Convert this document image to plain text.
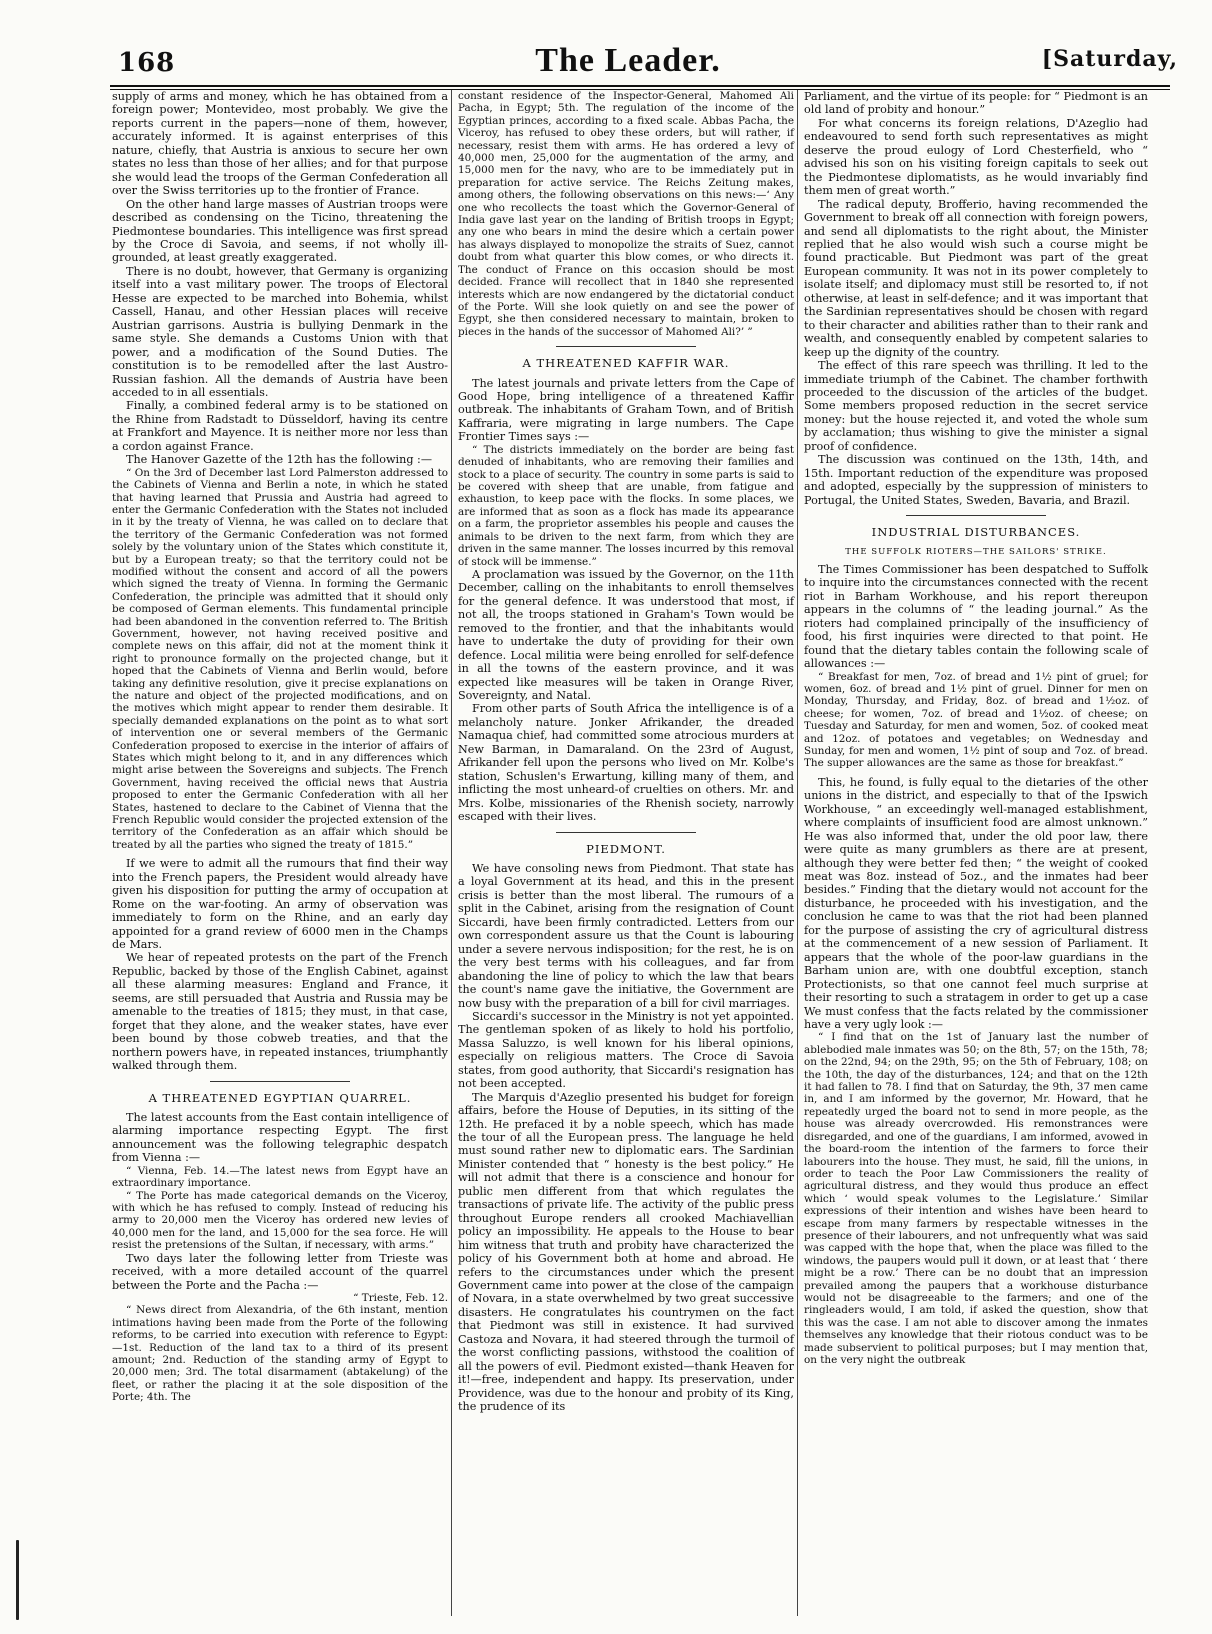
168	The Leader.	[Saturday,

supply of arms and money, which he has obtained from a foreign power; Montevideo, most probably. We give the reports current in the papers—none of them, however, accurately informed. It is against enterprises of this nature, chiefly, that Austria is anxious to secure her own states no less than those of her allies; and for that purpose she would lead the troops of the German Confederation all over the Swiss territories up to the frontier of France.

On the other hand large masses of Austrian troops were described as condensing on the Ticino, threatening the Piedmontese boundaries. This intelligence was first spread by the Croce di Savoia, and seems, if not wholly ill-grounded, at least greatly exaggerated.

There is no doubt, however, that Germany is organizing itself into a vast military power. The troops of Electoral Hesse are expected to be marched into Bohemia, whilst Cassell, Hanau, and other Hessian places will receive Austrian garrisons. Austria is bullying Denmark in the same style. She demands a Customs Union with that power, and a modification of the Sound Duties. The constitution is to be remodelled after the last Austro-Russian fashion. All the demands of Austria have been acceded to in all essentials.

Finally, a combined federal army is to be stationed on the Rhine from Radstadt to Düsseldorf, having its centre at Frankfort and Mayence. It is neither more nor less than a cordon against France.

The Hanover Gazette of the 12th has the following :—

“ On the 3rd of December last Lord Palmerston addressed to the Cabinets of Vienna and Berlin a note, in which he stated that having learned that Prussia and Austria had agreed to enter the Germanic Confederation with the States not included in it by the treaty of Vienna, he was called on to declare that the territory of the Germanic Confederation was not formed solely by the voluntary union of the States which constitute it, but by a European treaty; so that the territory could not be modified without the consent and accord of all the powers which signed the treaty of Vienna. In forming the Germanic Confederation, the principle was admitted that it should only be composed of German elements. This fundamental principle had been abandoned in the convention referred to. The British Government, however, not having received positive and complete news on this affair, did not at the moment think it right to pronounce formally on the projected change, but it hoped that the Cabinets of Vienna and Berlin would, before taking any definitive resolution, give it precise explanations on the nature and object of the projected modifications, and on the motives which might appear to render them desirable. It specially demanded explanations on the point as to what sort of intervention one or several members of the Germanic Confederation proposed to exercise in the interior of affairs of States which might belong to it, and in any differences which might arise between the Sovereigns and subjects. The French Government, having received the official news that Austria proposed to enter the Germanic Confederation with all her States, hastened to declare to the Cabinet of Vienna that the French Republic would consider the projected extension of the territory of the Confederation as an affair which should be treated by all the parties who signed the treaty of 1815.”

If we were to admit all the rumours that find their way into the French papers, the President would already have given his disposition for putting the army of occupation at Rome on the war-footing. An army of observation was immediately to form on the Rhine, and an early day appointed for a grand review of 6000 men in the Champs de Mars.

We hear of repeated protests on the part of the French Republic, backed by those of the English Cabinet, against all these alarming measures: England and France, it seems, are still persuaded that Austria and Russia may be amenable to the treaties of 1815; they must, in that case, forget that they alone, and the weaker states, have ever been bound by those cobweb treaties, and that the northern powers have, in repeated instances, triumphantly walked through them.

A THREATENED EGYPTIAN QUARREL.

The latest accounts from the East contain intelligence of alarming importance respecting Egypt. The first announcement was the following telegraphic despatch from Vienna :—

“ Vienna, Feb. 14.—The latest news from Egypt have an extraordinary importance.

“ The Porte has made categorical demands on the Viceroy, with which he has refused to comply. Instead of reducing his army to 20,000 men the Viceroy has ordered new levies of 40,000 men for the land, and 15,000 for the sea force. He will resist the pretensions of the Sultan, if necessary, with arms.”

Two days later the following letter from Trieste was received, with a more detailed account of the quarrel between the Porte and the Pacha :—

“ Trieste, Feb. 12.

“ News direct from Alexandria, of the 6th instant, mention intimations having been made from the Porte of the following reforms, to be carried into execution with reference to Egypt:—1st. Reduction of the land tax to a third of its present amount; 2nd. Reduction of the standing army of Egypt to 20,000 men; 3rd. The total disarmament (abtakelung) of the fleet, or rather the placing it at the sole disposition of the Porte; 4th. The

constant residence of the Inspector-General, Mahomed Ali Pacha, in Egypt; 5th. The regulation of the income of the Egyptian princes, according to a fixed scale. Abbas Pacha, the Viceroy, has refused to obey these orders, but will rather, if necessary, resist them with arms. He has ordered a levy of 40,000 men, 25,000 for the augmentation of the army, and 15,000 men for the navy, who are to be immediately put in preparation for active service. The Reichs Zeitung makes, among others, the following observations on this news:—‘ Any one who recollects the toast which the Governor-General of India gave last year on the landing of British troops in Egypt; any one who bears in mind the desire which a certain power has always displayed to monopolize the straits of Suez, cannot doubt from what quarter this blow comes, or who directs it. The conduct of France on this occasion should be most decided. France will recollect that in 1840 she represented interests which are now endangered by the dictatorial conduct of the Porte. Will she look quietly on and see the power of Egypt, she then considered necessary to maintain, broken to pieces in the hands of the successor of Mahomed Ali?’ ”

A THREATENED KAFFIR WAR.

The latest journals and private letters from the Cape of Good Hope, bring intelligence of a threatened Kaffir outbreak. The inhabitants of Graham Town, and of British Kaffraria, were migrating in large numbers. The Cape Frontier Times says :—

“ The districts immediately on the border are being fast denuded of inhabitants, who are removing their families and stock to a place of security. The country in some parts is said to be covered with sheep that are unable, from fatigue and exhaustion, to keep pace with the flocks. In some places, we are informed that as soon as a flock has made its appearance on a farm, the proprietor assembles his people and causes the animals to be driven to the next farm, from which they are driven in the same manner. The losses incurred by this removal of stock will be immense.”

A proclamation was issued by the Governor, on the 11th December, calling on the inhabitants to enroll themselves for the general defence. It was understood that most, if not all, the troops stationed in Graham's Town would be removed to the frontier, and that the inhabitants would have to undertake the duty of providing for their own defence. Local militia were being enrolled for self-defence in all the towns of the eastern province, and it was expected like measures will be taken in Orange River, Sovereignty, and Natal.

From other parts of South Africa the intelligence is of a melancholy nature. Jonker Afrikander, the dreaded Namaqua chief, had committed some atrocious murders at New Barman, in Damaraland. On the 23rd of August, Afrikander fell upon the persons who lived on Mr. Kolbe's station, Schuslen's Erwartung, killing many of them, and inflicting the most unheard-of cruelties on others. Mr. and Mrs. Kolbe, missionaries of the Rhenish society, narrowly escaped with their lives.

PIEDMONT.

We have consoling news from Piedmont. That state has a loyal Government at its head, and this in the present crisis is better than the most liberal. The rumours of a split in the Cabinet, arising from the resignation of Count Siccardi, have been firmly contradicted. Letters from our own correspondent assure us that the Count is labouring under a severe nervous indisposition; for the rest, he is on the very best terms with his colleagues, and far from abandoning the line of policy to which the law that bears the count's name gave the initiative, the Government are now busy with the preparation of a bill for civil marriages.

Siccardi's successor in the Ministry is not yet appointed. The gentleman spoken of as likely to hold his portfolio, Massa Saluzzo, is well known for his liberal opinions, especially on religious matters. The Croce di Savoia states, from good authority, that Siccardi's resignation has not been accepted.

The Marquis d'Azeglio presented his budget for foreign affairs, before the House of Deputies, in its sitting of the 12th. He prefaced it by a noble speech, which has made the tour of all the European press. The language he held must sound rather new to diplomatic ears. The Sardinian Minister contended that “ honesty is the best policy.” He will not admit that there is a conscience and honour for public men different from that which regulates the transactions of private life. The activity of the public press throughout Europe renders all crooked Machiavellian policy an impossibility. He appeals to the House to bear him witness that truth and probity have characterized the policy of his Government both at home and abroad. He refers to the circumstances under which the present Government came into power at the close of the campaign of Novara, in a state overwhelmed by two great successive disasters. He congratulates his countrymen on the fact that Piedmont was still in existence. It had survived Castoza and Novara, it had steered through the turmoil of the worst conflicting passions, withstood the coalition of all the powers of evil. Piedmont existed—thank Heaven for it!—free, independent and happy. Its preservation, under Providence, was due to the honour and probity of its King, the prudence of its

Parliament, and the virtue of its people: for “ Piedmont is an old land of probity and honour.”

For what concerns its foreign relations, D'Azeglio had endeavoured to send forth such representatives as might deserve the proud eulogy of Lord Chesterfield, who “ advised his son on his visiting foreign capitals to seek out the Piedmontese diplomatists, as he would invariably find them men of great worth.”

The radical deputy, Brofferio, having recommended the Government to break off all connection with foreign powers, and send all diplomatists to the right about, the Minister replied that he also would wish such a course might be found practicable. But Piedmont was part of the great European community. It was not in its power completely to isolate itself; and diplomacy must still be resorted to, if not otherwise, at least in self-defence; and it was important that the Sardinian representatives should be chosen with regard to their character and abilities rather than to their rank and wealth, and consequently enabled by competent salaries to keep up the dignity of the country.

The effect of this rare speech was thrilling. It led to the immediate triumph of the Cabinet. The chamber forthwith proceeded to the discussion of the articles of the budget. Some members proposed reduction in the secret service money: but the house rejected it, and voted the whole sum by acclamation; thus wishing to give the minister a signal proof of confidence.

The discussion was continued on the 13th, 14th, and 15th. Important reduction of the expenditure was proposed and adopted, especially by the suppression of ministers to Portugal, the United States, Sweden, Bavaria, and Brazil.

INDUSTRIAL DISTURBANCES.
THE SUFFOLK RIOTERS—THE SAILORS' STRIKE.

The Times Commissioner has been despatched to Suffolk to inquire into the circumstances connected with the recent riot in Barham Workhouse, and his report thereupon appears in the columns of “ the leading journal.” As the rioters had complained principally of the insufficiency of food, his first inquiries were directed to that point. He found that the dietary tables contain the following scale of allowances :—

“ Breakfast for men, 7oz. of bread and 1½ pint of gruel; for women, 6oz. of bread and 1½ pint of gruel. Dinner for men on Monday, Thursday, and Friday, 8oz. of bread and 1½oz. of cheese; for women, 7oz. of bread and 1½oz. of cheese; on Tuesday and Saturday, for men and women, 5oz. of cooked meat and 12oz. of potatoes and vegetables; on Wednesday and Sunday, for men and women, 1½ pint of soup and 7oz. of bread. The supper allowances are the same as those for breakfast.”

This, he found, is fully equal to the dietaries of the other unions in the district, and especially to that of the Ipswich Workhouse, “ an exceedingly well-managed establishment, where complaints of insufficient food are almost unknown.” He was also informed that, under the old poor law, there were quite as many grumblers as there are at present, although they were better fed then; “ the weight of cooked meat was 8oz. instead of 5oz., and the inmates had beer besides.” Finding that the dietary would not account for the disturbance, he proceeded with his investigation, and the conclusion he came to was that the riot had been planned for the purpose of assisting the cry of agricultural distress at the commencement of a new session of Parliament. It appears that the whole of the poor-law guardians in the Barham union are, with one doubtful exception, stanch Protectionists, so that one cannot feel much surprise at their resorting to such a stratagem in order to get up a case We must confess that the facts related by the commissioner have a very ugly look :—

“ I find that on the 1st of January last the number of ablebodied male inmates was 50; on the 8th, 57; on the 15th, 78; on the 22nd, 94; on the 29th, 95; on the 5th of February, 108; on the 10th, the day of the disturbances, 124; and that on the 12th it had fallen to 78. I find that on Saturday, the 9th, 37 men came in, and I am informed by the governor, Mr. Howard, that he repeatedly urged the board not to send in more people, as the house was already overcrowded. His remonstrances were disregarded, and one of the guardians, I am informed, avowed in the board-room the intention of the farmers to force their labourers into the house. They must, he said, fill the unions, in order to teach the Poor Law Commissioners the reality of agricultural distress, and they would thus produce an effect which ‘ would speak volumes to the Legislature.’ Similar expressions of their intention and wishes have been heard to escape from many farmers by respectable witnesses in the presence of their labourers, and not unfrequently what was said was capped with the hope that, when the place was filled to the windows, the paupers would pull it down, or at least that ‘ there might be a row.’ There can be no doubt that an impression prevailed among the paupers that a workhouse disturbance would not be disagreeable to the farmers; and one of the ringleaders would, I am told, if asked the question, show that this was the case. I am not able to discover among the inmates themselves any knowledge that their riotous conduct was to be made subservient to political purposes; but I may mention that, on the very night the outbreak
